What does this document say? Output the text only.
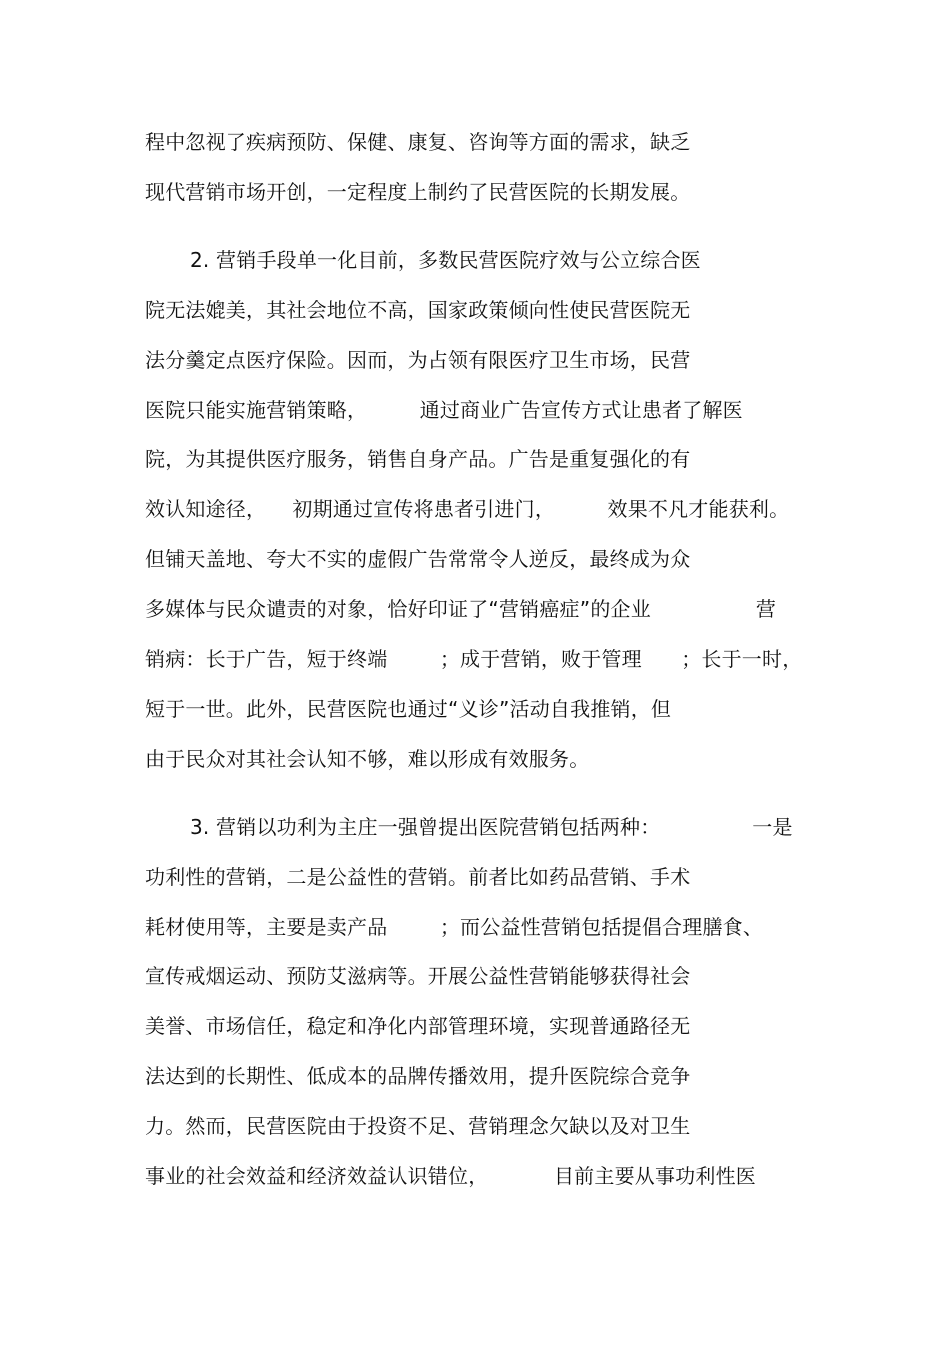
程中忽视了疾病预防、保健、康复、咨询等方面的需求，缺乏
现代营销市场开创，一定程度上制约了民营医院的长期发展。
2. 营销手段单一化目前，多数民营医院疗效与公立综合医
院无法媲美，其社会地位不高，国家政策倾向性使民营医院无
法分羹定点医疗保险。因而，为占领有限医疗卫生市场，民营
医院只能实施营销策略，        通过商业广告宣传方式让患者了解医
院，为其提供医疗服务，销售自身产品。广告是重复强化的有
效认知途径，    初期通过宣传将患者引进门，        效果不凡才能获利。
但铺天盖地、夸大不实的虚假广告常常令人逆反，最终成为众
多媒体与民众谴责的对象，恰好印证了“营销癌症”的企业                营
销病：长于广告，短于终端        ；成于营销，败于管理      ；长于一时，
短于一世。此外，民营医院也通过“义诊”活动自我推销，但
由于民众对其社会认知不够，难以形成有效服务。
3. 营销以功利为主庄一强曾提出医院营销包括两种：              一是
功利性的营销，二是公益性的营销。前者比如药品营销、手术
耗材使用等，主要是卖产品        ；而公益性营销包括提倡合理膳食、
宣传戒烟运动、预防艾滋病等。开展公益性营销能够获得社会
美誉、市场信任，稳定和净化内部管理环境，实现普通路径无
法达到的长期性、低成本的品牌传播效用，提升医院综合竞争
力。然而，民营医院由于投资不足、营销理念欠缺以及对卫生
事业的社会效益和经济效益认识错位，          目前主要从事功利性医
